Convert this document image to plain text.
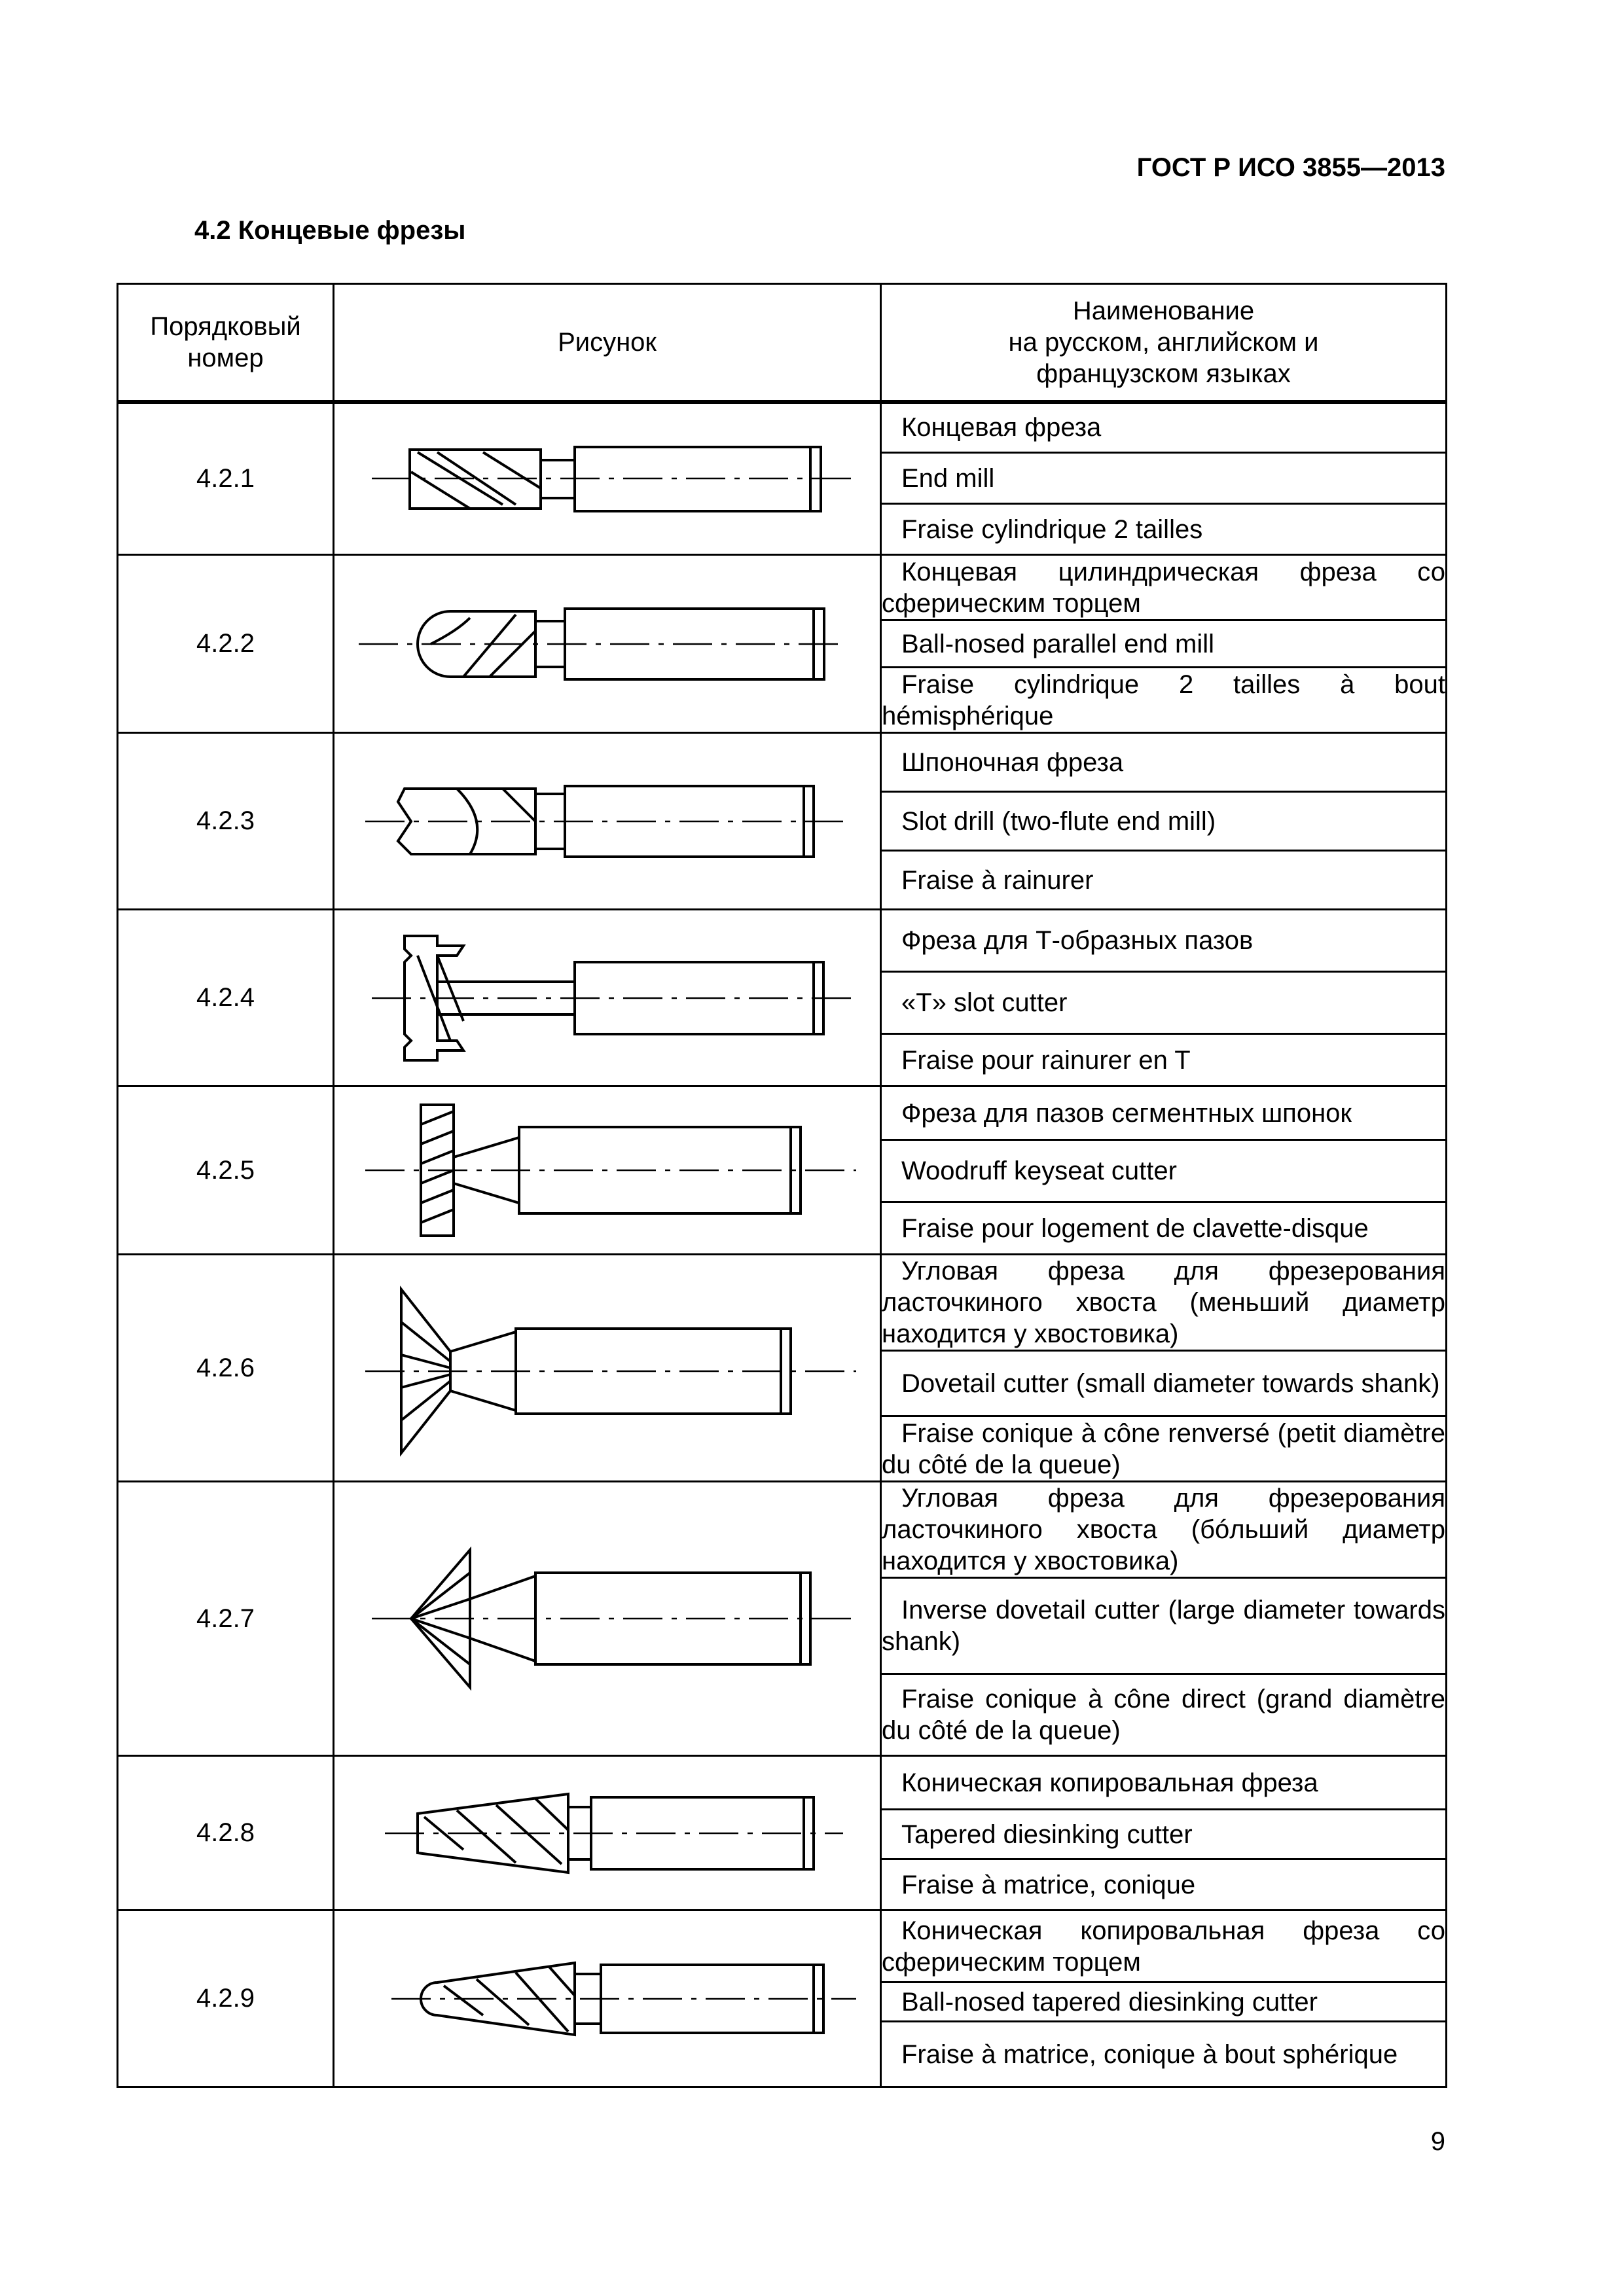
ГОСТ Р ИСО 3855—2013
4.2 Концевые фрезы
Порядковый номер	Рисунок	Наименование
на русском, английском и
французском языках

4.2.1		Концевая фреза

		End mill

		Fraise cylindrique 2 tailles

4.2.2		Концевая цилиндрическая фреза со сферическим торцем

		Ball-nosed parallel end mill

		Fraise cylindrique 2 tailles à bout hémisphérique

4.2.3		Шпоночная фреза

		Slot drill (two-flute end mill)

		Fraise à rainurer

4.2.4		Фреза для Т-образных пазов

		«T» slot cutter

		Fraise pour rainurer en T

4.2.5		Фреза для пазов сегментных шпонок

		Woodruff keyseat cutter

		Fraise pour logement de clavette-disque

4.2.6		Угловая фреза для фрезерования ласточкиного хвоста (меньший диаметр находится у хвостовика)

		Dovetail cutter (small diameter towards shank)

		Fraise conique à cône renversé (petit diamètre du côté de la queue)

4.2.7		Угловая фреза для фрезерования ласточкиного хвоста (бóльший диаметр находится у хвостовика)

		Inverse dovetail cutter (large diameter towards shank)

		Fraise conique à cône direct (grand diamètre du côté de la queue)

4.2.8		Коническая копировальная фреза

		Tapered diesinking cutter

		Fraise à matrice, conique

4.2.9		Коническая копировальная фреза со сферическим торцем

		Ball-nosed tapered diesinking cutter

		Fraise à matrice, conique à bout sphérique
9
